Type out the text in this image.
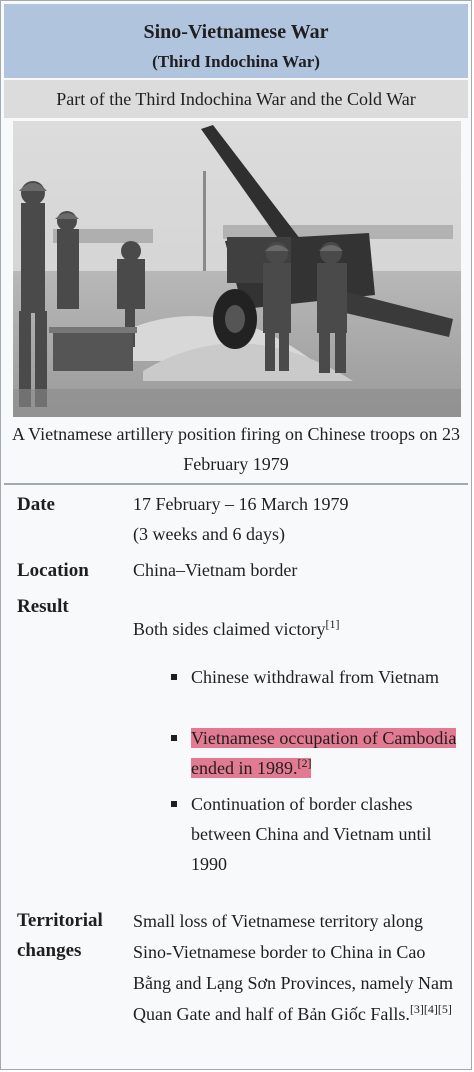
Sino-Vietnamese War
(Third Indochina War)
Part of the Third Indochina War and the Cold War
A Vietnamese artillery position firing on Chinese troops on 23 February 1979
Date	17 February – 16 March 1979
(3 weeks and 6 days)
Location China–Vietnam border
Result
Both sides claimed victory[1]
Chinese withdrawal from Vietnam
Vietnamese occupation of Cambodia ended in 1989.[2]
Continuation of border clashes between China and Vietnam until 1990
Territorial
changes
Small loss of Vietnamese territory along Sino-Vietnamese border to China in Cao Bằng and Lạng Sơn Provinces, namely Nam Quan Gate and half of Bản Giốc Falls.[3][4][5]
